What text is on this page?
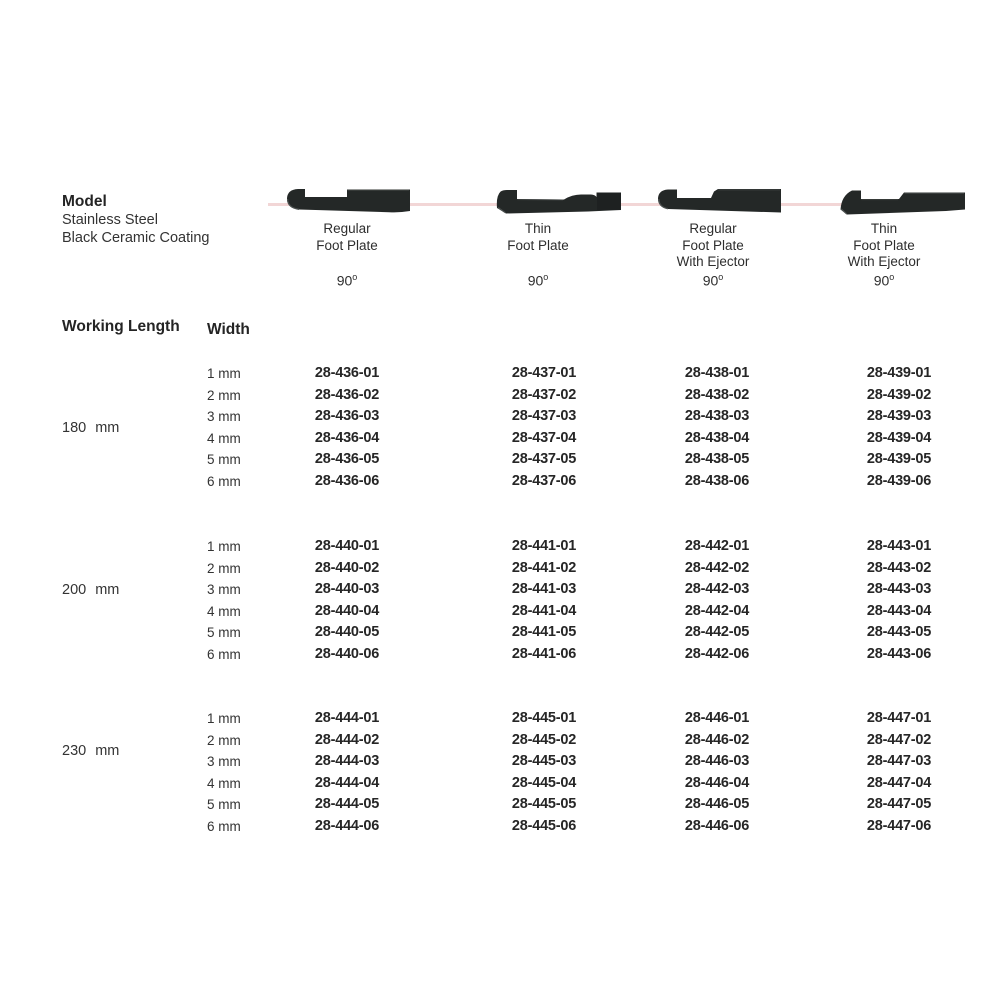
Model
Stainless Steel
Black Ceramic Coating
Regular
Foot Plate
90$^o$
Thin
Foot Plate
90$^o$
Regular
Foot Plate
With Ejector
90$^o$
Thin
Foot Plate
With Ejector
90$^o$
Working Length Width
180 mm
1 mm	28-436-01	28-437-01	28-438-01	28-439-01
2 mm	28-436-02	28-437-02	28-438-02	28-439-02
3 mm	28-436-03	28-437-03	28-438-03	28-439-03
4 mm	28-436-04	28-437-04	28-438-04	28-439-04
5 mm	28-436-05	28-437-05	28-438-05	28-439-05
6 mm	28-436-06	28-437-06	28-438-06	28-439-06
200 mm
1 mm	28-440-01	28-441-01	28-442-01	28-443-01
2 mm	28-440-02	28-441-02	28-442-02	28-443-02
3 mm	28-440-03	28-441-03	28-442-03	28-443-03
4 mm	28-440-04	28-441-04	28-442-04	28-443-04
5 mm	28-440-05	28-441-05	28-442-05	28-443-05
6 mm	28-440-06	28-441-06	28-442-06	28-443-06
230 mm
1 mm	28-444-01	28-445-01	28-446-01	28-447-01
2 mm	28-444-02	28-445-02	28-446-02	28-447-02
3 mm	28-444-03	28-445-03	28-446-03	28-447-03
4 mm	28-444-04	28-445-04	28-446-04	28-447-04
5 mm	28-444-05	28-445-05	28-446-05	28-447-05
6 mm	28-444-06	28-445-06	28-446-06	28-447-06
